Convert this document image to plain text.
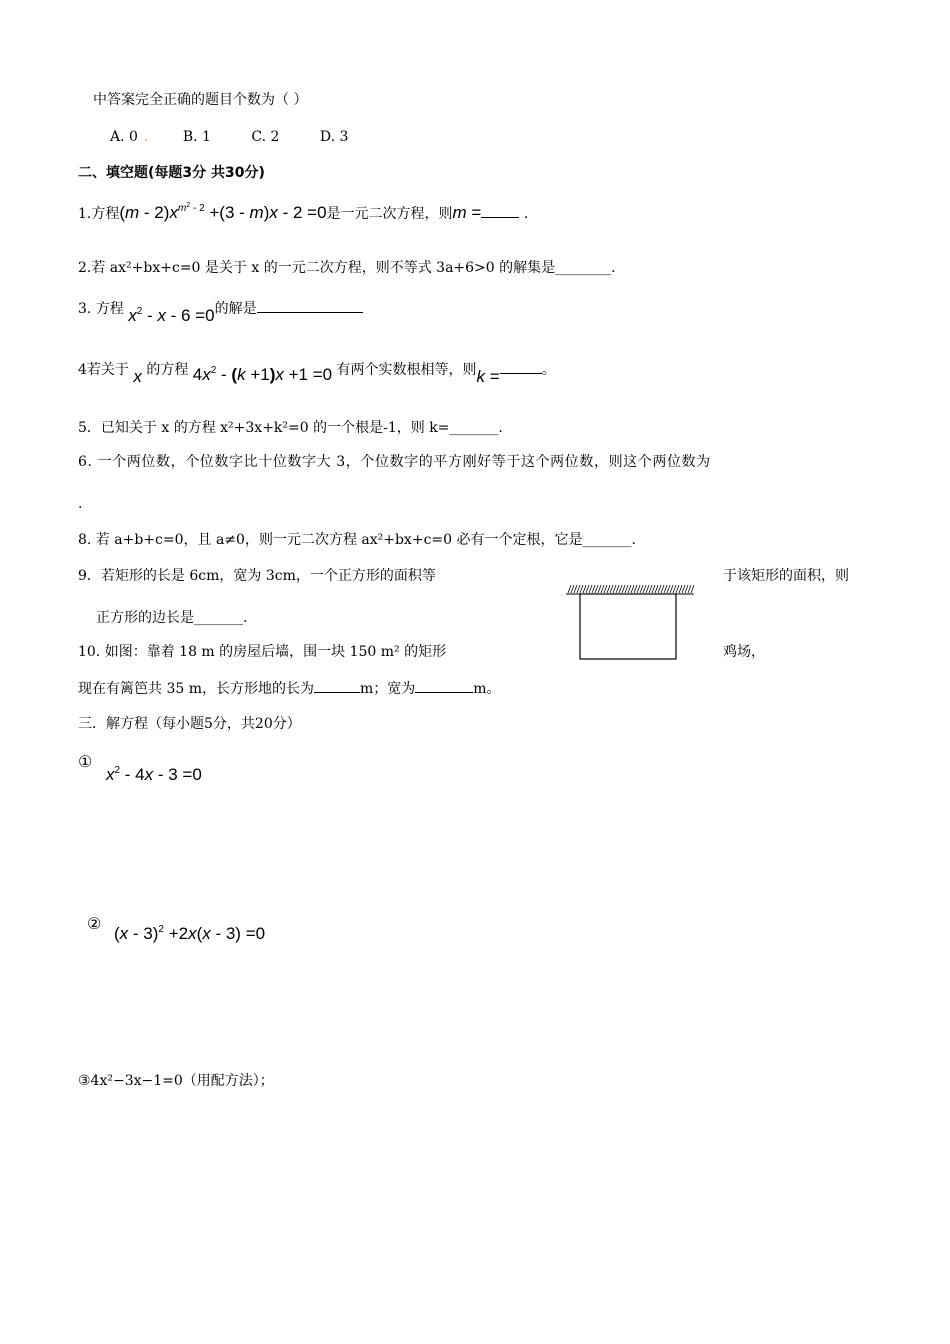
中答案完全正确的题目个数为（ ）
A. 0 . B. 1	C. 2	D. 3
二、填空题(每题3分 共30分)
1.方程$(m - 2)x^{m^2 - 2} +(3 - m)x - 2 =0$是一元二次方程，则m =	.
2.若 ax²+bx+c=0 是关于 x 的一元二次方程，则不等式 3a+6>0 的解集是________.
3. 方程 $x^2 - x - 6 =0$的解是
4若关于 x 的方程 $4x^2 - (k +1)x +1 =0$ 有两个实数根相等，则k =	。
5．已知关于 x 的方程 x²+3x+k²=0 的一个根是-1，则 k=_______.
6. 一个两位数，个位数字比十位数字大 3，个位数字的平方刚好等于这个两位数，则这个两位数为
.
8. 若 a+b+c=0，且 a≠0，则一元二次方程 ax²+bx+c=0 必有一个定根，它是_______.
9．若矩形的长是 6cm，宽为 3cm，一个正方形的面积等	于该矩形的面积，则
正方形的边长是_______.
10. 如图：靠着 18 m 的房屋后墙，围一块 150 m² 的矩形	鸡场，
现在有篱笆共 35 m，长方形地的长为	m；宽为	m。
三．解方程（每小题5分，共20分）
①
$x^2 - 4x - 3 =0$
②
(x - 3)$^2$ +2x(x - 3) =0
③4x²−3x−1=0（用配方法）；
